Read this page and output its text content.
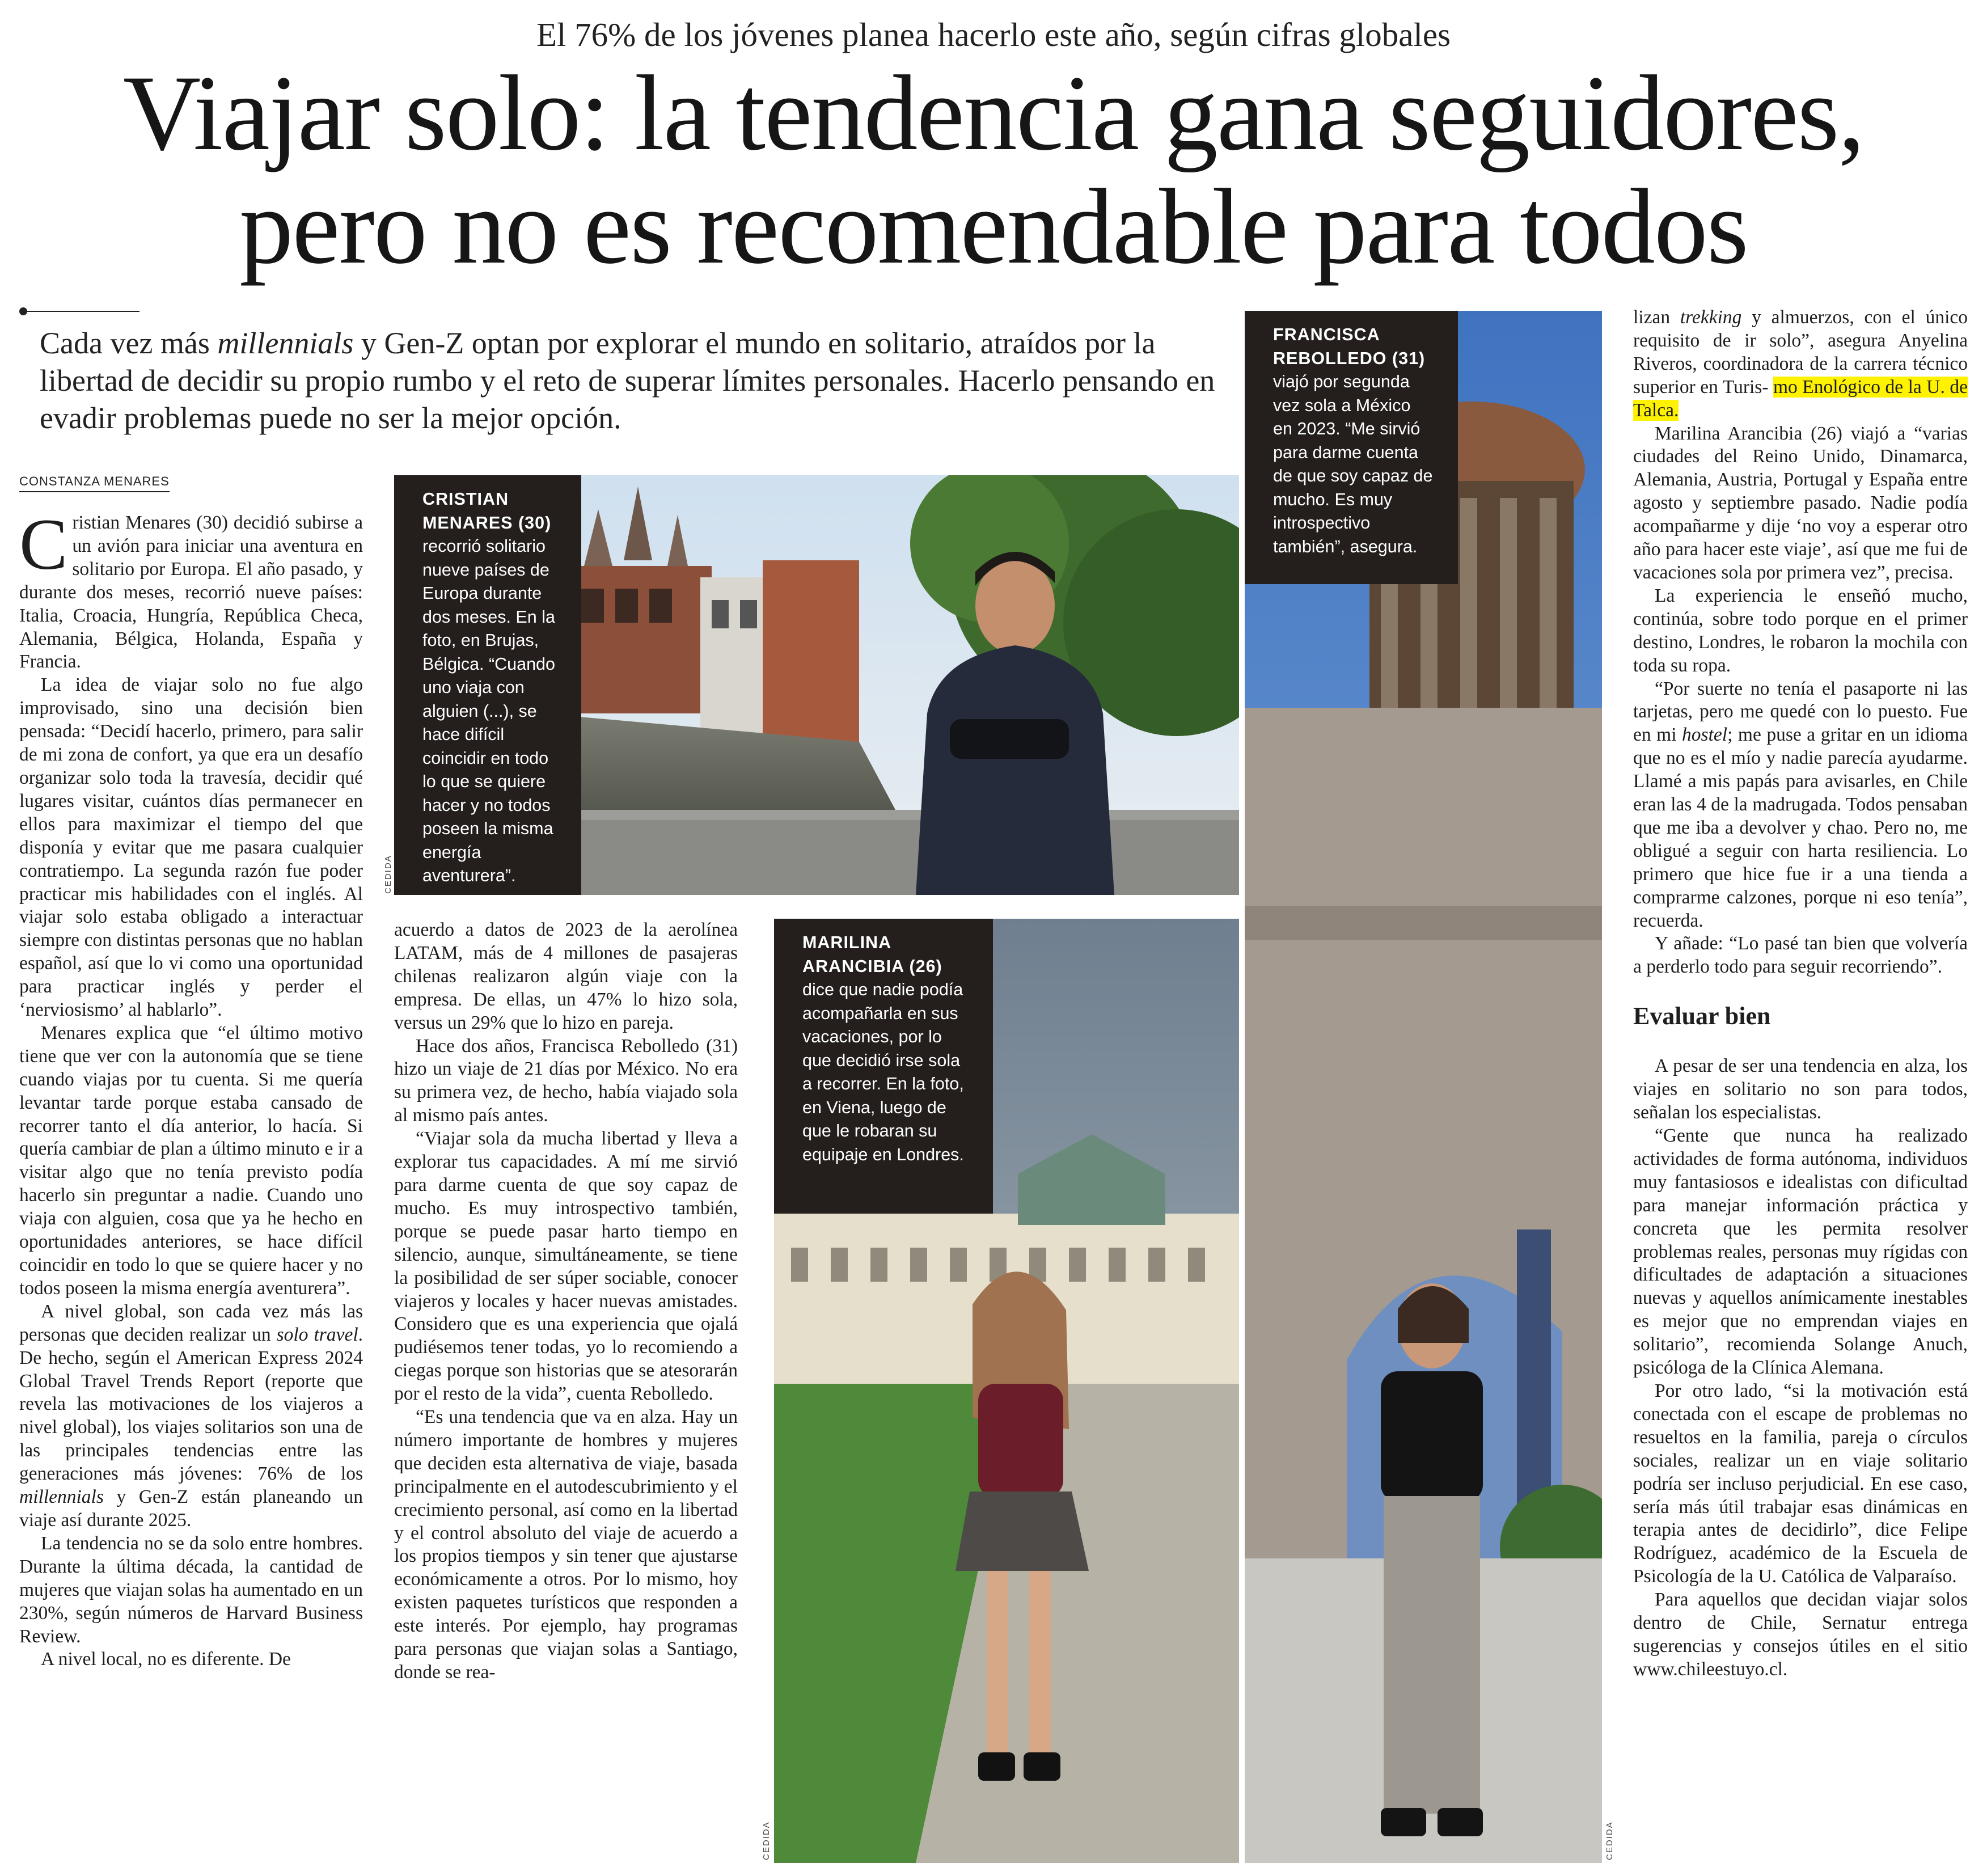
El 76% de los jóvenes planea hacerlo este año, según cifras globales
Viajar solo: la tendencia gana seguidores,
pero no es recomendable para todos
Cada vez más millennials y Gen-Z optan por explorar el mundo en solitario, atraídos por la libertad de decidir su propio rumbo y el reto de superar límites personales. Hacerlo pensando en evadir problemas puede no ser la mejor opción.
CONSTANZA MENARES

Cristian Menares (30) decidió subirse a un avión para iniciar una aventura en solitario por Europa. El año pasado, y durante dos meses, recorrió nueve países: Italia, Croacia, Hungría, República Checa, Alemania, Bélgica, Holanda, España y Francia.

La idea de viajar solo no fue algo improvisado, sino una decisión bien pensada: “Decidí hacerlo, primero, para salir de mi zona de confort, ya que era un desafío organizar solo toda la travesía, decidir qué lugares visitar, cuántos días permanecer en ellos para maximizar el tiempo del que disponía y evitar que me pasara cualquier contratiempo. La segunda razón fue poder practicar mis habilidades con el inglés. Al viajar solo estaba obligado a interactuar siempre con distintas personas que no hablan español, así que lo vi como una oportunidad para practicar inglés y perder el ‘nerviosismo’ al hablarlo”.

Menares explica que “el último motivo tiene que ver con la autonomía que se tiene cuando viajas por tu cuenta. Si me quería levantar tarde porque estaba cansado de recorrer tanto el día anterior, lo hacía. Si quería cambiar de plan a último minuto e ir a visitar algo que no tenía previsto podía hacerlo sin preguntar a nadie. Cuando uno viaja con alguien, cosa que ya he hecho en oportunidades anteriores, se hace difícil coincidir en todo lo que se quiere hacer y no todos poseen la misma energía aventurera”.

A nivel global, son cada vez más las personas que deciden realizar un solo travel. De hecho, según el American Express 2024 Global Travel Trends Report (reporte que revela las motivaciones de los viajeros a nivel global), los viajes solitarios son una de las principales tendencias entre las generaciones más jóvenes: 76% de los millennials y Gen-Z están planeando un viaje así durante 2025.

La tendencia no se da solo entre hombres. Durante la última década, la cantidad de mujeres que viajan solas ha aumentado en un 230%, según números de Harvard Business Review.

A nivel local, no es diferente. De

CRISTIAN MENARES (30)
recorrió solitario nueve países de Europa durante dos meses. En la foto, en Brujas, Bélgica. “Cuando uno viaja con alguien (...), se hace difícil coincidir en todo lo que se quiere hacer y no todos poseen la misma energía aventurera”.
CEDIDA

acuerdo a datos de 2023 de la aerolínea LATAM, más de 4 millones de pasajeras chilenas realizaron algún viaje con la empresa. De ellas, un 47% lo hizo sola, versus un 29% que lo hizo en pareja.

Hace dos años, Francisca Rebolledo (31) hizo un viaje de 21 días por México. No era su primera vez, de hecho, había viajado sola al mismo país antes.

“Viajar sola da mucha libertad y lleva a explorar tus capacidades. A mí me sirvió para darme cuenta de que soy capaz de mucho. Es muy introspectivo también, porque se puede pasar harto tiempo en silencio, aunque, simultáneamente, se tiene la posibilidad de ser súper sociable, conocer viajeros y locales y hacer nuevas amistades. Considero que es una experiencia que ojalá pudiésemos tener todas, yo lo recomiendo a ciegas porque son historias que se atesorarán por el resto de la vida”, cuenta Rebolledo.

“Es una tendencia que va en alza. Hay un número importante de hombres y mujeres que deciden esta alternativa de viaje, basada principalmente en el autodescubrimiento y el crecimiento personal, así como en la libertad y el control absoluto del viaje de acuerdo a los propios tiempos y sin tener que ajustarse económicamente a otros. Por lo mismo, hoy existen paquetes turísticos que responden a este interés. Por ejemplo, hay programas para personas que viajan solas a Santiago, donde se rea-

MARILINA ARANCIBIA (26)
dice que nadie podía acompañarla en sus vacaciones, por lo que decidió irse sola a recorrer. En la foto, en Viena, luego de que le robaran su equipaje en Londres.
CEDIDA
FRANCISCA REBOLLEDO (31)
viajó por segunda vez sola a México en 2023. “Me sirvió para darme cuenta de que soy capaz de mucho. Es muy introspectivo también”, asegura.
CEDIDA

lizan trekking y almuerzos, con el único requisito de ir solo”, asegura Anyelina Riveros, coordinadora de la carrera técnico superior en Turis- mo Enológico de la U. de Talca.

Marilina Arancibia (26) viajó a “varias ciudades del Reino Unido, Dinamarca, Alemania, Austria, Portugal y España entre agosto y septiembre pasado. Nadie podía acompañarme y dije ‘no voy a esperar otro año para hacer este viaje’, así que me fui de vacaciones sola por primera vez”, precisa.

La experiencia le enseñó mucho, continúa, sobre todo porque en el primer destino, Londres, le robaron la mochila con toda su ropa.

“Por suerte no tenía el pasaporte ni las tarjetas, pero me quedé con lo puesto. Fue en mi hostel; me puse a gritar en un idioma que no es el mío y nadie parecía ayudarme. Llamé a mis papás para avisarles, en Chile eran las 4 de la madrugada. Todos pensaban que me iba a devolver y chao. Pero no, me obligué a seguir con harta resiliencia. Lo primero que hice fue ir a una tienda a comprarme calzones, porque ni eso tenía”, recuerda.

Y añade: “Lo pasé tan bien que volvería a perderlo todo para seguir recorriendo”.

Evaluar bien

A pesar de ser una tendencia en alza, los viajes en solitario no son para todos, señalan los especialistas.

“Gente que nunca ha realizado actividades de forma autónoma, individuos muy fantasiosos e idealistas con dificultad para manejar información práctica y concreta que les permita resolver problemas reales, personas muy rígidas con dificultades de adaptación a situaciones nuevas y aquellos anímicamente inestables es mejor que no emprendan viajes en solitario”, recomienda Solange Anuch, psicóloga de la Clínica Alemana.

Por otro lado, “si la motivación está conectada con el escape de problemas no resueltos en la familia, pareja o círculos sociales, realizar un en viaje solitario podría ser incluso perjudicial. En ese caso, sería más útil trabajar esas dinámicas en terapia antes de decidirlo”, dice Felipe Rodríguez, académico de la Escuela de Psicología de la U. Católica de Valparaíso.

Para aquellos que decidan viajar solos dentro de Chile, Sernatur entrega sugerencias y consejos útiles en el sitio www.chileestuyo.cl.
